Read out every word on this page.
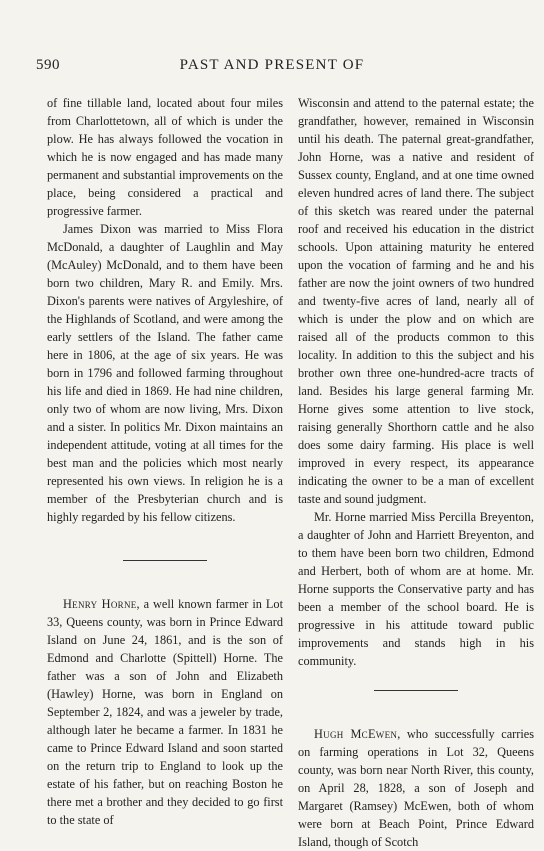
590	PAST AND PRESENT OF

of fine tillable land, located about four miles from Charlottetown, all of which is under the plow. He has always followed the vocation in which he is now engaged and has made many permanent and substantial improvements on the place, being considered a practical and progressive farmer.

James Dixon was married to Miss Flora McDonald, a daughter of Laughlin and May (McAuley) McDonald, and to them have been born two children, Mary R. and Emily. Mrs. Dixon's parents were natives of Argyleshire, of the Highlands of Scotland, and were among the early settlers of the Island. The father came here in 1806, at the age of six years. He was born in 1796 and followed farming throughout his life and died in 1869. He had nine children, only two of whom are now living, Mrs. Dixon and a sister. In politics Mr. Dixon maintains an independent attitude, voting at all times for the best man and the policies which most nearly represented his own views. In religion he is a member of the Presbyterian church and is highly regarded by his fellow citizens.

Henry Horne, a well known farmer in Lot 33, Queens county, was born in Prince Edward Island on June 24, 1861, and is the son of Edmond and Charlotte (Spittell) Horne. The father was a son of John and Elizabeth (Hawley) Horne, was born in England on September 2, 1824, and was a jeweler by trade, although later he became a farmer. In 1831 he came to Prince Edward Island and soon started on the return trip to England to look up the estate of his father, but on reaching Boston he there met a brother and they decided to go first to the state of

Wisconsin and attend to the paternal estate; the grandfather, however, remained in Wisconsin until his death. The paternal great-grandfather, John Horne, was a native and resident of Sussex county, England, and at one time owned eleven hundred acres of land there. The subject of this sketch was reared under the paternal roof and received his education in the district schools. Upon attaining maturity he entered upon the vocation of farming and he and his father are now the joint owners of two hundred and twenty-five acres of land, nearly all of which is under the plow and on which are raised all of the products common to this locality. In addition to this the subject and his brother own three one-hundred-acre tracts of land. Besides his large general farming Mr. Horne gives some attention to live stock, raising generally Shorthorn cattle and he also does some dairy farming. His place is well improved in every respect, its appearance indicating the owner to be a man of excellent taste and sound judgment.

Mr. Horne married Miss Percilla Breyenton, a daughter of John and Harriett Breyenton, and to them have been born two children, Edmond and Herbert, both of whom are at home. Mr. Horne supports the Conservative party and has been a member of the school board. He is progressive in his attitude toward public improvements and stands high in his community.

Hugh McEwen, who successfully carries on farming operations in Lot 32, Queens county, was born near North River, this county, on April 28, 1828, a son of Joseph and Margaret (Ramsey) McEwen, both of whom were born at Beach Point, Prince Edward Island, though of Scotch
